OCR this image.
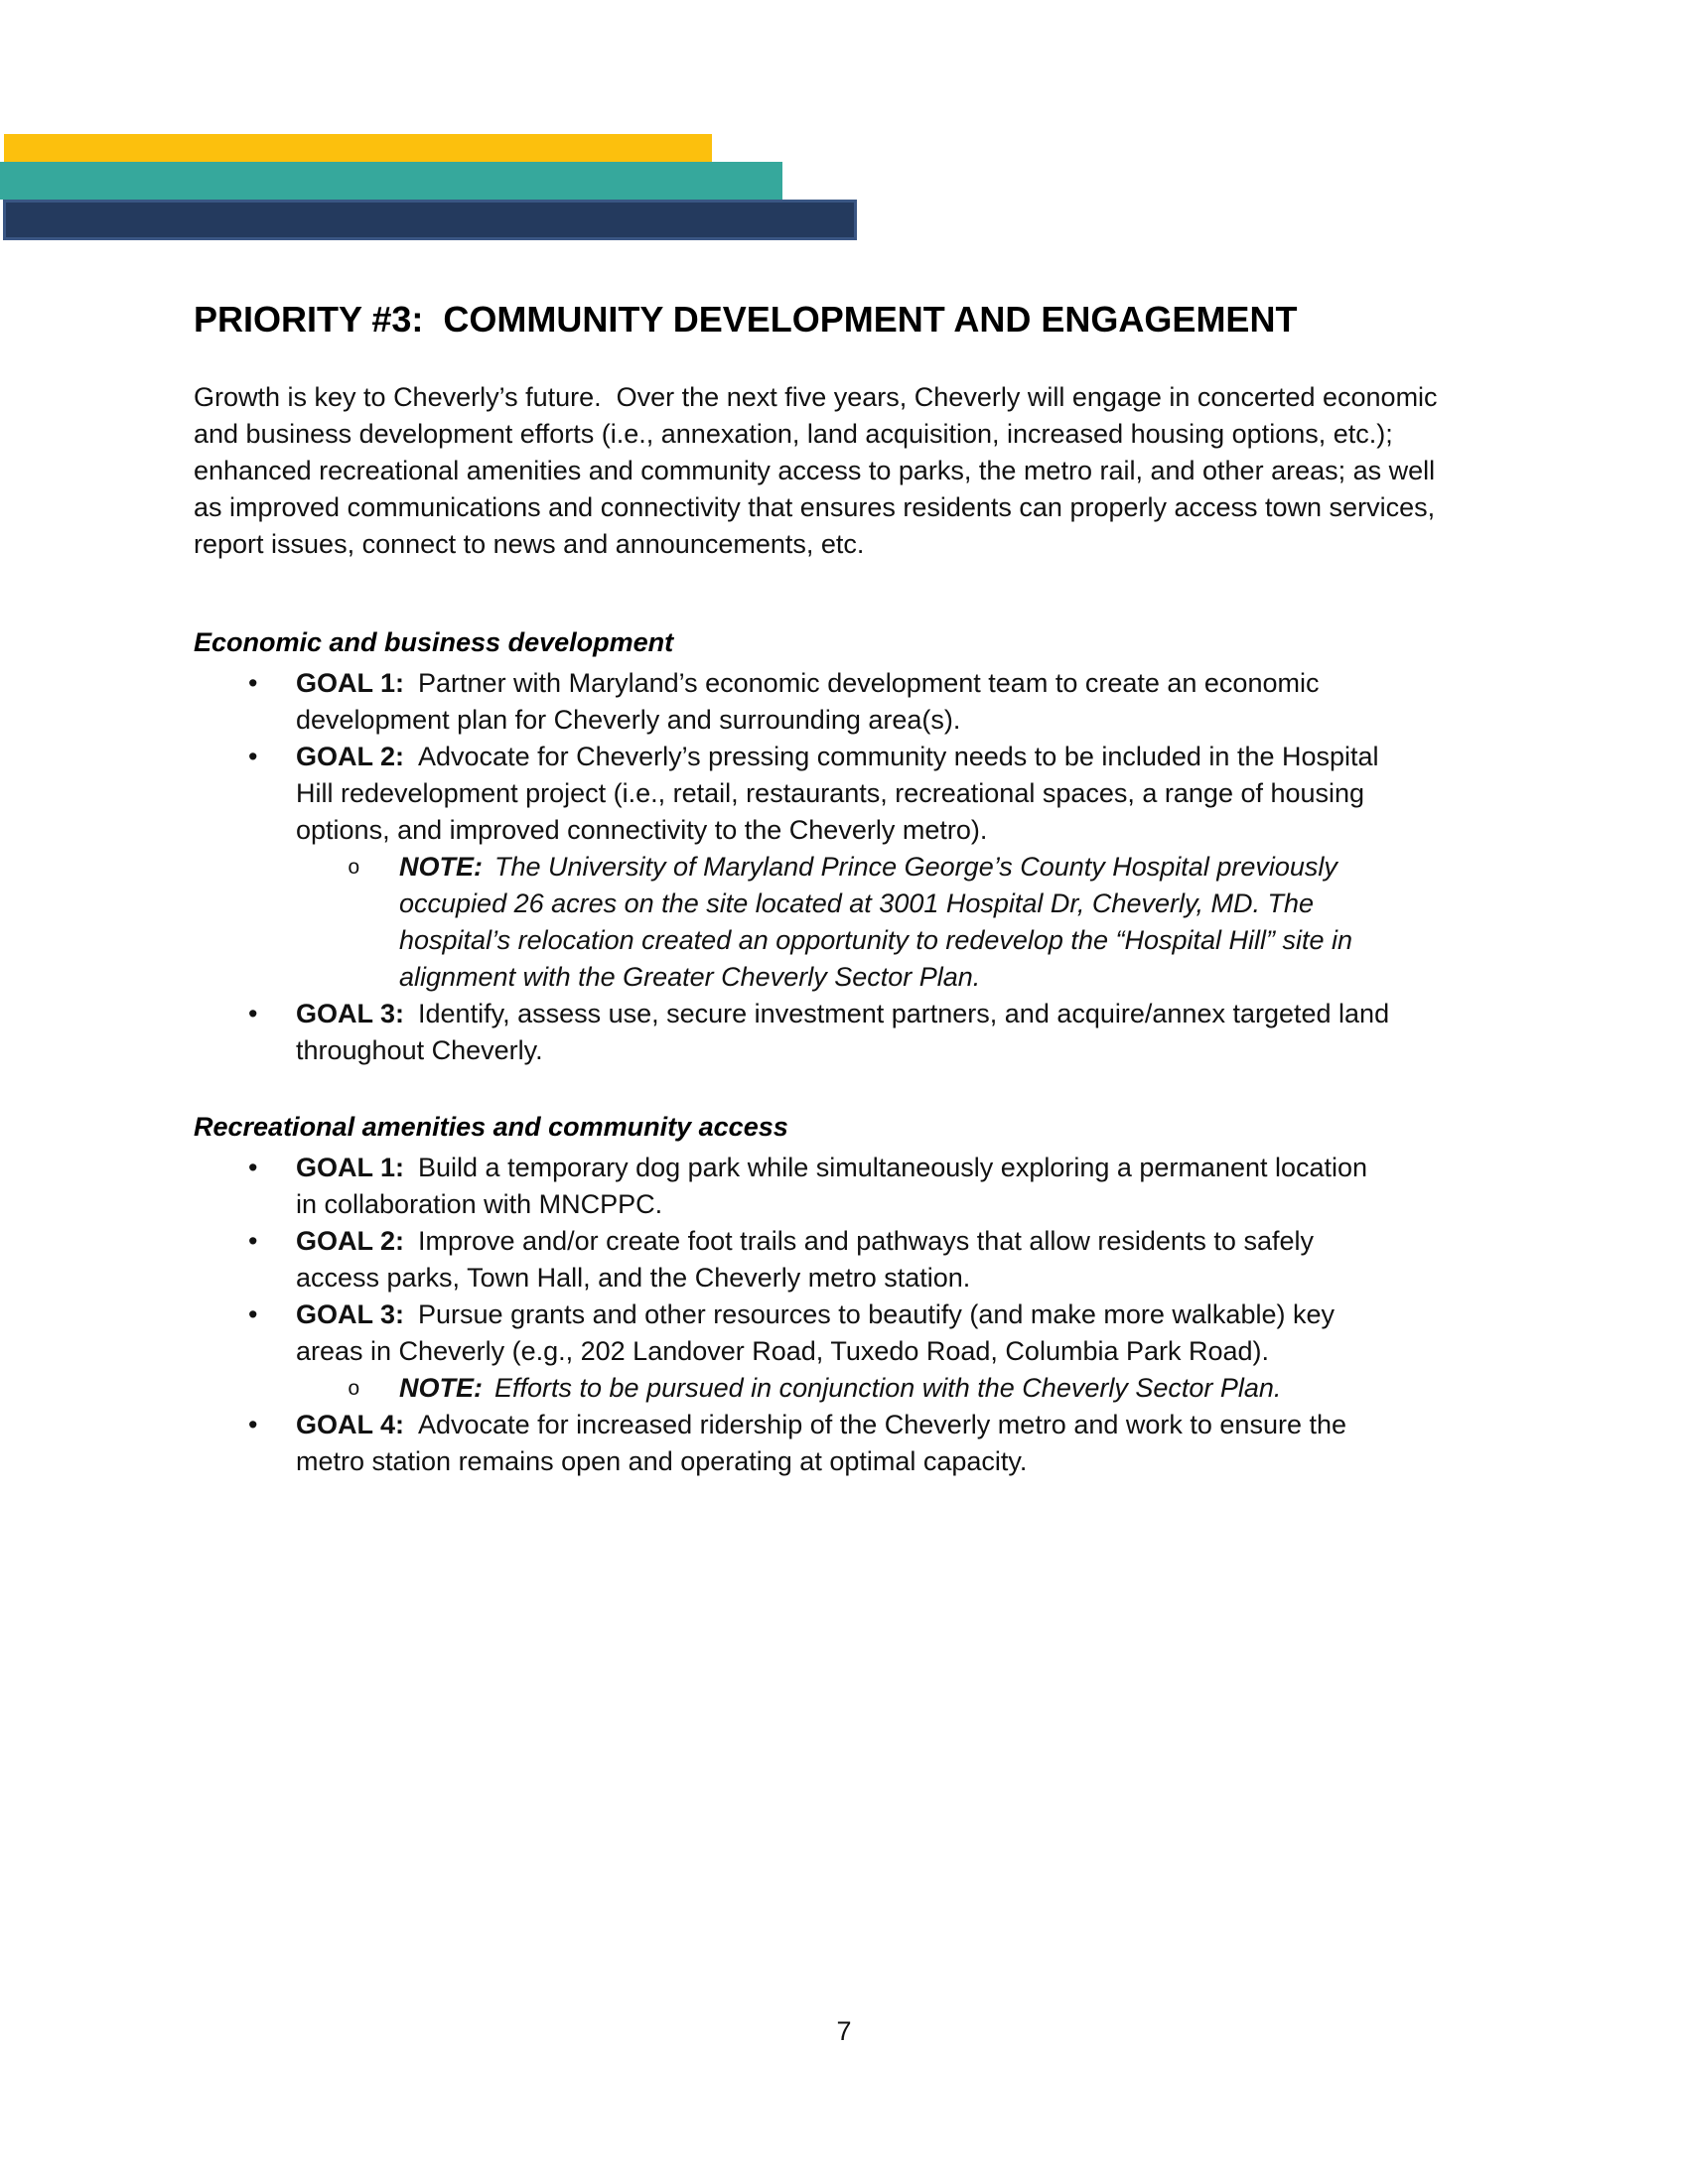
PRIORITY #3:  COMMUNITY DEVELOPMENT AND ENGAGEMENT

Growth is key to Cheverly’s future.  Over the next five years, Cheverly will engage in concerted economic and business development efforts (i.e., annexation, land acquisition, increased housing options, etc.); enhanced recreational amenities and community access to parks, the metro rail, and other areas; as well as improved communications and connectivity that ensures residents can properly access town services, report issues, connect to news and announcements, etc.

Economic and business development
• GOAL 1: Partner with Maryland’s economic development team to create an economic development plan for Cheverly and surrounding area(s).
• GOAL 2: Advocate for Cheverly’s pressing community needs to be included in the Hospital Hill redevelopment project (i.e., retail, restaurants, recreational spaces, a range of housing options, and improved connectivity to the Cheverly metro).
o NOTE: The University of Maryland Prince George’s County Hospital previously occupied 26 acres on the site located at 3001 Hospital Dr, Cheverly, MD. The hospital’s relocation created an opportunity to redevelop the “Hospital Hill” site in alignment with the Greater Cheverly Sector Plan.
• GOAL 3: Identify, assess use, secure investment partners, and acquire/annex targeted land throughout Cheverly.
Recreational amenities and community access
• GOAL 1: Build a temporary dog park while simultaneously exploring a permanent location in collaboration with MNCPPC.
• GOAL 2: Improve and/or create foot trails and pathways that allow residents to safely access parks, Town Hall, and the Cheverly metro station.
• GOAL 3: Pursue grants and other resources to beautify (and make more walkable) key areas in Cheverly (e.g., 202 Landover Road, Tuxedo Road, Columbia Park Road).
o NOTE: Efforts to be pursued in conjunction with the Cheverly Sector Plan.
• GOAL 4: Advocate for increased ridership of the Cheverly metro and work to ensure the metro station remains open and operating at optimal capacity.
7
